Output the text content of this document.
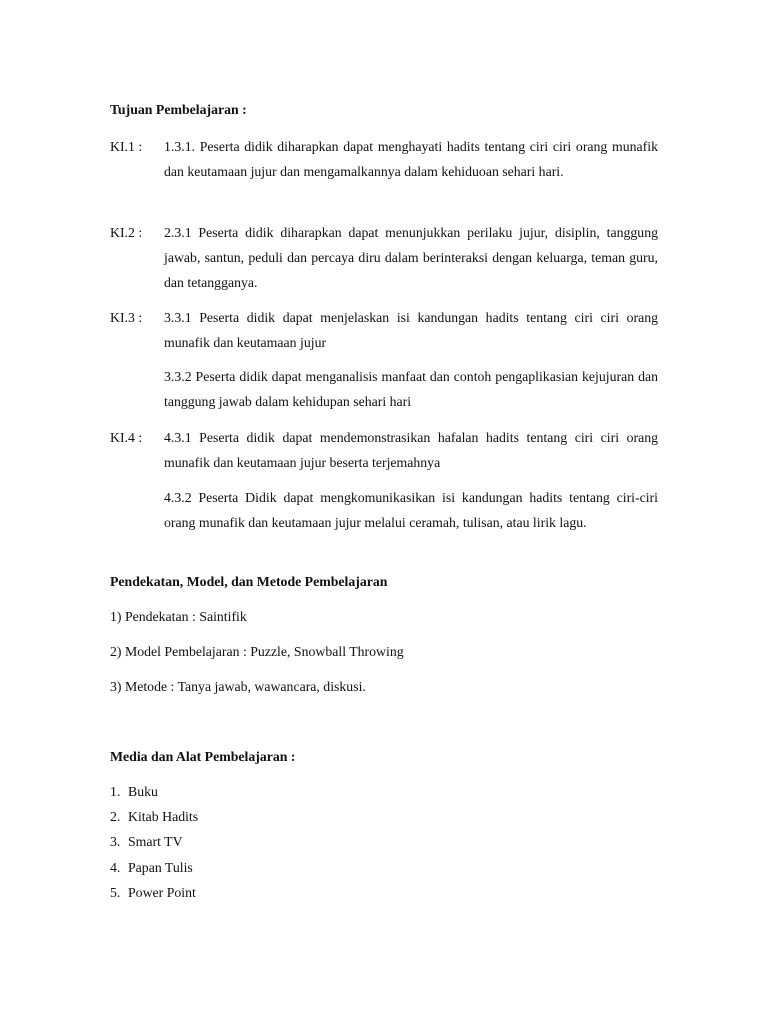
Tujuan Pembelajaran :
KI.1 : 1.3.1. Peserta didik diharapkan dapat menghayati hadits tentang ciri ciri orang munafik dan keutamaan jujur dan mengamalkannya dalam kehiduoan sehari hari.
KI.2 : 2.3.1 Peserta didik diharapkan dapat menunjukkan perilaku jujur, disiplin, tanggung jawab, santun, peduli dan percaya diru dalam berinteraksi dengan keluarga, teman guru, dan tetangganya.
KI.3 : 3.3.1 Peserta didik dapat menjelaskan isi kandungan hadits tentang ciri ciri orang munafik dan keutamaan jujur
3.3.2 Peserta didik dapat menganalisis manfaat dan contoh pengaplikasian kejujuran dan tanggung jawab dalam kehidupan sehari hari
KI.4 : 4.3.1 Peserta didik dapat mendemonstrasikan hafalan hadits tentang ciri ciri orang munafik dan keutamaan jujur beserta terjemahnya
4.3.2 Peserta Didik dapat mengkomunikasikan isi kandungan hadits tentang ciri-ciri orang munafik dan keutamaan jujur melalui ceramah, tulisan, atau lirik lagu.
Pendekatan, Model, dan Metode Pembelajaran
1) Pendekatan : Saintifik
2) Model Pembelajaran : Puzzle, Snowball Throwing
3) Metode : Tanya jawab, wawancara, diskusi.
Media dan Alat Pembelajaran :
1. Buku
2. Kitab Hadits
3. Smart TV
4. Papan Tulis
5. Power Point
